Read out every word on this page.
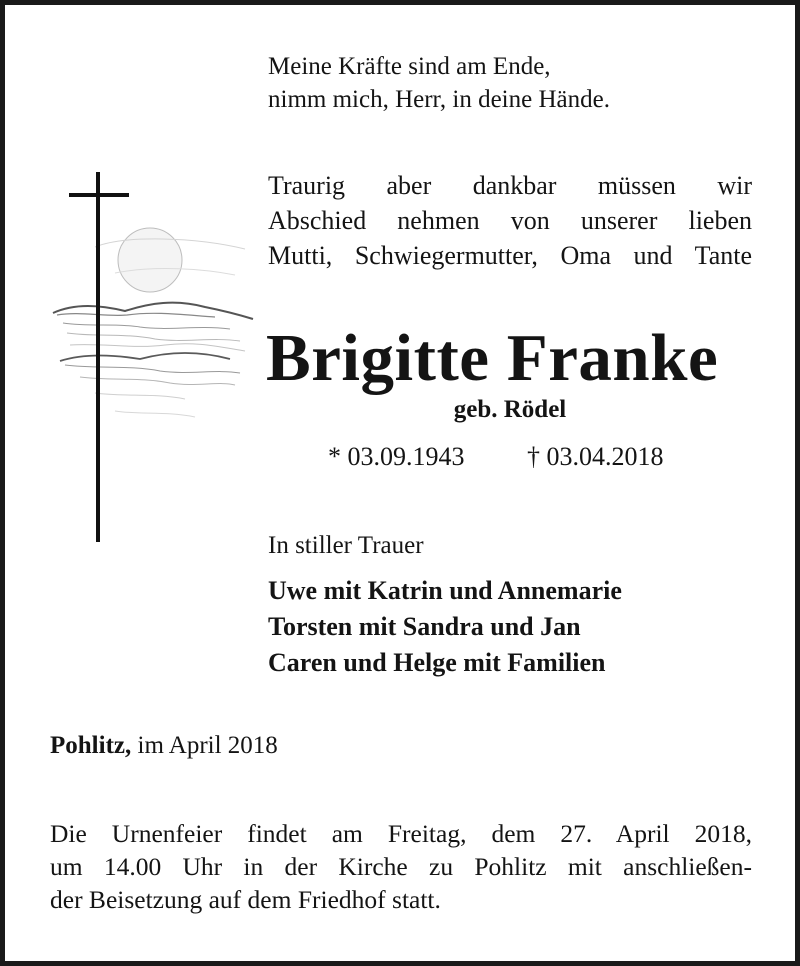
Meine Kräfte sind am Ende,
nimm mich, Herr, in deine Hände.
Traurig aber dankbar müssen wir
Abschied nehmen von unserer lieben
Mutti, Schwiegermutter, Oma und Tante
Brigitte Franke
geb. Rödel
* 03.09.1943 † 03.04.2018
In stiller Trauer
Uwe mit Katrin und Annemarie
Torsten mit Sandra und Jan
Caren und Helge mit Familien
Pohlitz, im April 2018
Die Urnenfeier findet am Freitag, dem 27. April 2018,
um 14.00 Uhr in der Kirche zu Pohlitz mit anschließen-
der Beisetzung auf dem Friedhof statt.
